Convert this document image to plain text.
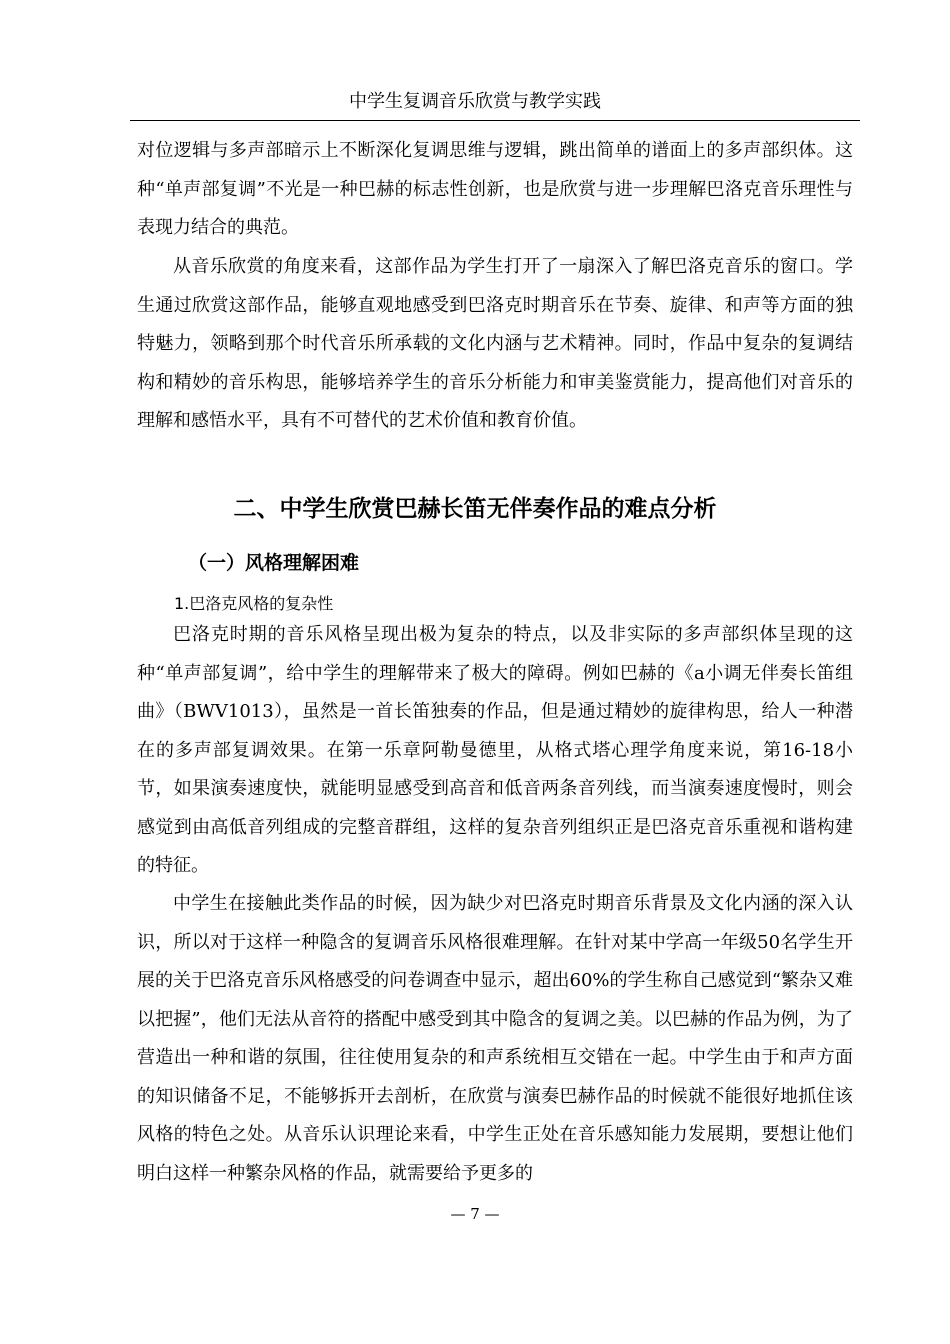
中学生复调音乐欣赏与教学实践

对位逻辑与多声部暗示上不断深化复调思维与逻辑，跳出简单的谱面上的多声部织体。这种“单声部复调”不光是一种巴赫的标志性创新，也是欣赏与进一步理解巴洛克音乐理性与表现力结合的典范。

从音乐欣赏的角度来看，这部作品为学生打开了一扇深入了解巴洛克音乐的窗口。学生通过欣赏这部作品，能够直观地感受到巴洛克时期音乐在节奏、旋律、和声等方面的独特魅力，领略到那个时代音乐所承载的文化内涵与艺术精神。同时，作品中复杂的复调结构和精妙的音乐构思，能够培养学生的音乐分析能力和审美鉴赏能力，提高他们对音乐的理解和感悟水平，具有不可替代的艺术价值和教育价值。

二、中学生欣赏巴赫长笛无伴奏作品的难点分析
（一）风格理解困难
1.巴洛克风格的复杂性

巴洛克时期的音乐风格呈现出极为复杂的特点，以及非实际的多声部织体呈现的这种“单声部复调”，给中学生的理解带来了极大的障碍。例如巴赫的《a小调无伴奏长笛组曲》（BWV1013），虽然是一首长笛独奏的作品，但是通过精妙的旋律构思，给人一种潜在的多声部复调效果。在第一乐章阿勒曼德里，从格式塔心理学角度来说，第16-18小节，如果演奏速度快，就能明显感受到高音和低音两条音列线，而当演奏速度慢时，则会感觉到由高低音列组成的完整音群组，这样的复杂音列组织正是巴洛克音乐重视和谐构建的特征。

中学生在接触此类作品的时候，因为缺少对巴洛克时期音乐背景及文化内涵的深入认识，所以对于这样一种隐含的复调音乐风格很难理解。在针对某中学高一年级50名学生开展的关于巴洛克音乐风格感受的问卷调查中显示，超出60%的学生称自己感觉到“繁杂又难以把握”，他们无法从音符的搭配中感受到其中隐含的复调之美。以巴赫的作品为例，为了营造出一种和谐的氛围，往往使用复杂的和声系统相互交错在一起。中学生由于和声方面的知识储备不足，不能够拆开去剖析，在欣赏与演奏巴赫作品的时候就不能很好地抓住该风格的特色之处。从音乐认识理论来看，中学生正处在音乐感知能力发展期，要想让他们明白这样一种繁杂风格的作品，就需要给予更多的

— 7 —
